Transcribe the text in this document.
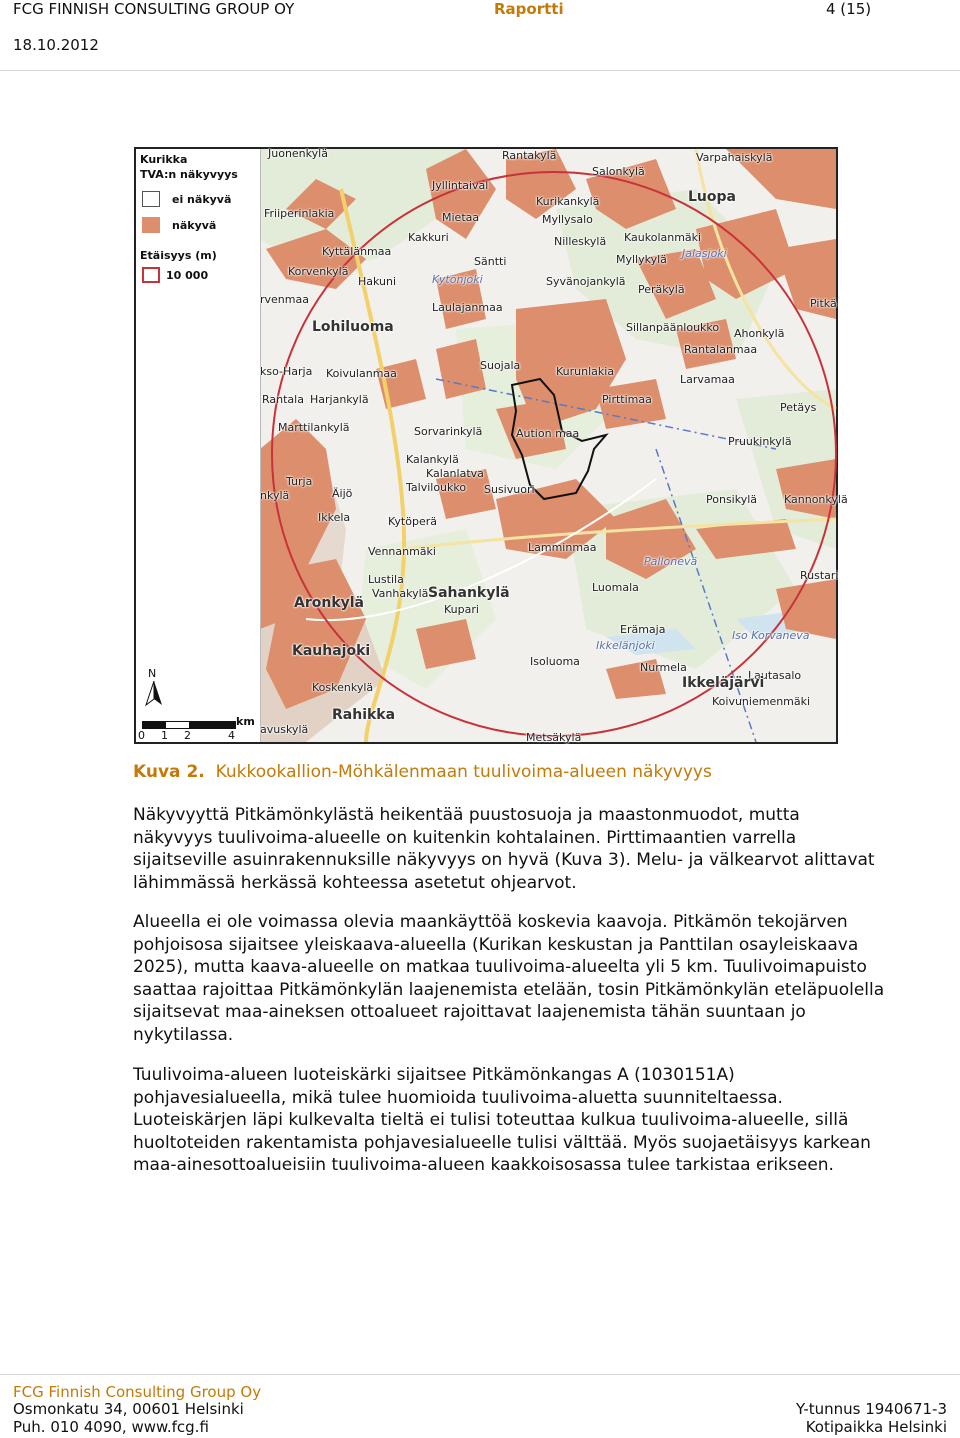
FCG FINNISH CONSULTING GROUP OY	Raportti	4 (15)
18.10.2012
Kurikka
TVA:n näkyvyys
ei näkyvä
näkyvä
Etäisyys (m)
10 000
N
km
0 1 2	4
Juonenkylä	Rantakylä	Varpahaiskylä
Salonkylä
Jyllintaival
Kurikankylä	Luopa
Friiperinlakia	Mietaa	Myllysalo
Kakkuri	Nilleskylä Kaukolanmäki
Kyttälänmaa
Säntti	Myllykylä Jalasjoki
Korvenkylä
Kytönjoki
Hakuni	Syvänojankylä
Peräkylä
rvenmaa
Laulajanmaa	Pitkä
Lohiluoma	Sillanpäänloukko Ahonkylä
Rantalanmaa
Suojala	Kurunlakia
kso-Harja Koivulanmaa	Larvamaa
Pirttimaa
Rantala Harjankylä
Petäys
Marttilankylä	Sorvarinkylä	Aution maa
Pruukinkylä
Kalankylä
Kalanlatva
Talviloukko
Turja
Susivuori
Ponsikylä
nkylä	Äijö	Kannonkylä
Ikkela	Kytöperä
Vennanmäki	Lamminmaa
Pallonevä
Lustila	Rustari
Vanhakylä Sahankylä	Luomala
Aronkylä	Kupari
Erämaja	Iso Korvaneva
Ikkelänjoki
Kauhajoki
Isoluoma	Nurmela
Lautasalo
Koskenkylä	Ikkeläjärvi
Rahikka
Koivuniemenmäki
avuskylä
Metsäkylä
Kuva 2. Kukkookallion-Möhkälenmaan tuulivoima-alueen näkyvyys

Näkyvyyttä Pitkämönkylästä heikentää puustosuoja ja maastonmuodot, mutta
näkyvyys tuulivoima-alueelle on kuitenkin kohtalainen. Pirttimaantien varrella
sijaitseville asuinrakennuksille näkyvyys on hyvä (Kuva 3). Melu- ja välkearvot alittavat
lähimmässä herkässä kohteessa asetetut ohjearvot.

Alueella ei ole voimassa olevia maankäyttöä koskevia kaavoja. Pitkämön tekojärven
pohjoisosa sijaitsee yleiskaava-alueella (Kurikan keskustan ja Panttilan osayleiskaava
2025), mutta kaava-alueelle on matkaa tuulivoima-alueelta yli 5 km. Tuulivoimapuisto
saattaa rajoittaa Pitkämönkylän laajenemista etelään, tosin Pitkämönkylän eteläpuolella
sijaitsevat maa-aineksen ottoalueet rajoittavat laajenemista tähän suuntaan jo
nykytilassa.

Tuulivoima-alueen luoteiskärki sijaitsee Pitkämönkangas A (1030151A)
pohjavesialueella, mikä tulee huomioida tuulivoima-aluetta suunniteltaessa.
Luoteiskärjen läpi kulkevalta tieltä ei tulisi toteuttaa kulkua tuulivoima-alueelle, sillä
huoltoteiden rakentamista pohjavesialueelle tulisi välttää. Myös suojaetäisyys karkean
maa-ainesottoalueisiin tuulivoima-alueen kaakkoisosassa tulee tarkistaa erikseen.

FCG Finnish Consulting Group Oy
Osmonkatu 34, 00601 Helsinki
Puh. 010 4090, www.fcg.fi
Y-tunnus 1940671-3
Kotipaikka Helsinki
